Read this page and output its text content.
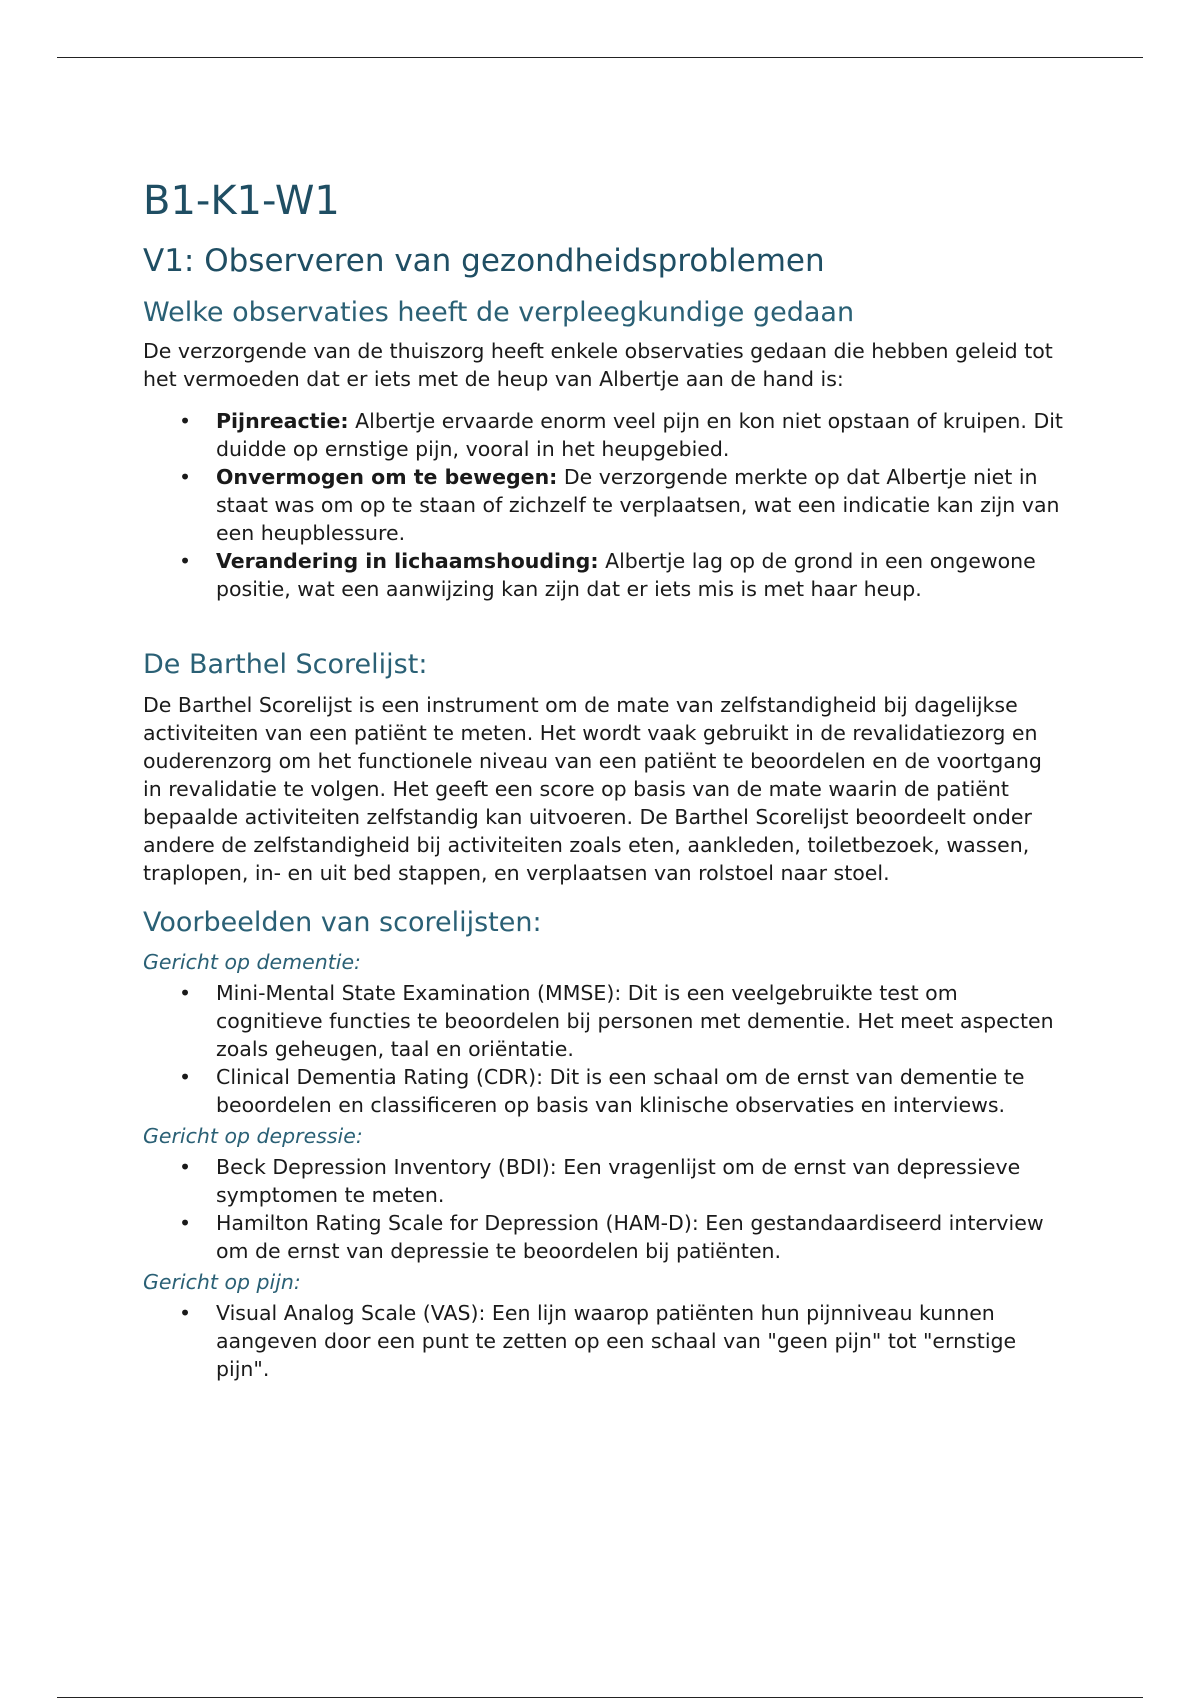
B1-K1-W1
V1: Observeren van gezondheidsproblemen
Welke observaties heeft de verpleegkundige gedaan

De verzorgende van de thuiszorg heeft enkele observaties gedaan die hebben geleid tot het vermoeden dat er iets met de heup van Albertje aan de hand is:

• Pijnreactie: Albertje ervaarde enorm veel pijn en kon niet opstaan of kruipen. Dit duidde op ernstige pijn, vooral in het heupgebied.
• Onvermogen om te bewegen: De verzorgende merkte op dat Albertje niet in staat was om op te staan of zichzelf te verplaatsen, wat een indicatie kan zijn van een heupblessure.
• Verandering in lichaamshouding: Albertje lag op de grond in een ongewone positie, wat een aanwijzing kan zijn dat er iets mis is met haar heup.
De Barthel Scorelijst:

De Barthel Scorelijst is een instrument om de mate van zelfstandigheid bij dagelijkse activiteiten van een patiënt te meten. Het wordt vaak gebruikt in de revalidatiezorg en ouderenzorg om het functionele niveau van een patiënt te beoordelen en de voortgang in revalidatie te volgen. Het geeft een score op basis van de mate waarin de patiënt bepaalde activiteiten zelfstandig kan uitvoeren. De Barthel Scorelijst beoordeelt onder andere de zelfstandigheid bij activiteiten zoals eten, aankleden, toiletbezoek, wassen, traplopen, in- en uit bed stappen, en verplaatsen van rolstoel naar stoel.

Voorbeelden van scorelijsten:
Gericht op dementie:
• Mini-Mental State Examination (MMSE): Dit is een veelgebruikte test om cognitieve functies te beoordelen bij personen met dementie. Het meet aspecten zoals geheugen, taal en oriëntatie.
• Clinical Dementia Rating (CDR): Dit is een schaal om de ernst van dementie te beoordelen en classificeren op basis van klinische observaties en interviews.
Gericht op depressie:
• Beck Depression Inventory (BDI): Een vragenlijst om de ernst van depressieve symptomen te meten.
• Hamilton Rating Scale for Depression (HAM-D): Een gestandaardiseerd interview om de ernst van depressie te beoordelen bij patiënten.
Gericht op pijn:
• Visual Analog Scale (VAS): Een lijn waarop patiënten hun pijnniveau kunnen aangeven door een punt te zetten op een schaal van "geen pijn" tot "ernstige pijn".
